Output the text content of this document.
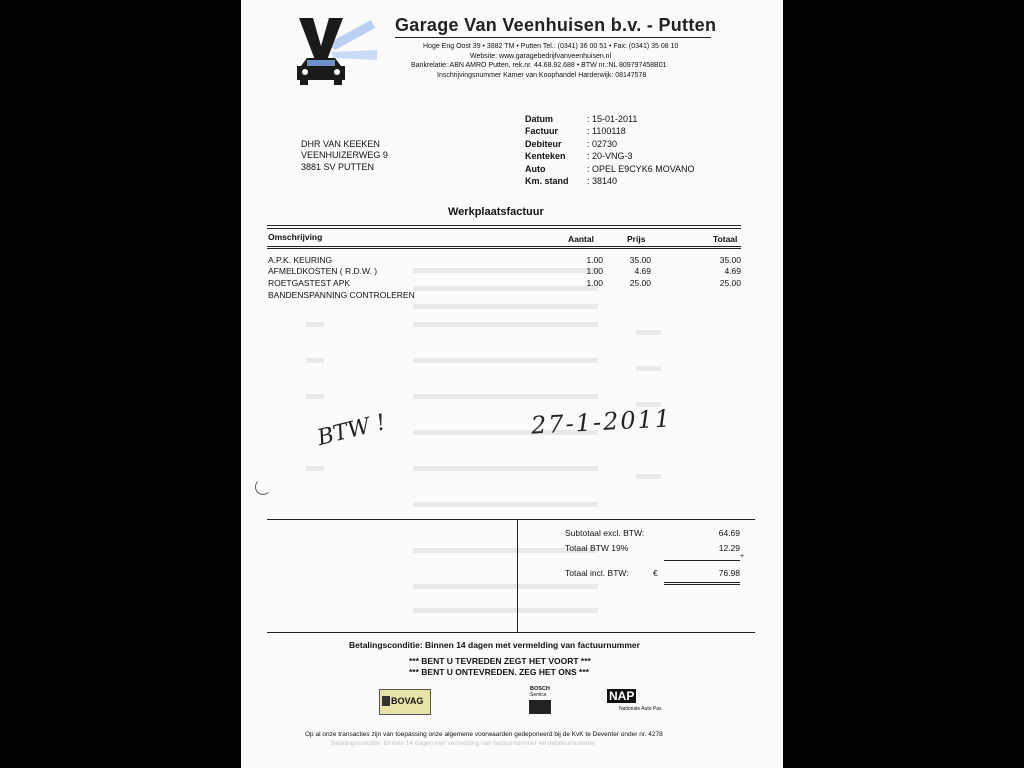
Garage Van Veenhuisen b.v. - Putten
Hoge Eng Oost 39 • 3882 TM • Putten Tel.: (0341) 36 00 51 • Fax: (0341) 35 08 10
Website: www.garagebedrijfvanveenhuisen.nl
Bankrelatie: ABN AMRO Putten, rek.nr. 44.68.92.688 • BTW nr.:NL 809797458B01
Inschrijvingsnummer Kamer van Koophandel Harderwijk: 08147578
DHR VAN KEEKEN
VEENHUIZERWEG 9
3881 SV PUTTEN
Datum	: 15-01-2011
Factuur	: 1100118
Debiteur	: 02730
Kenteken : 20-VNG-3
Auto	: OPEL E9CYK6 MOVANO
Km. stand : 38140
Werkplaatsfactuur
Omschrijving	Aantal	Prijs	Totaal
A.P.K. KEURING	1.00	35.00	35.00
AFMELDKOSTEN ( R.D.W. )	1.00	4.69	4.69
ROETGASTEST APK	1.00	25.00	25.00
BANDENSPANNING CONTROLEREN
BTW !	27-1-2011
Subtotaal excl. BTW:	64.69
Totaal BTW 19%	12.29
+
Totaal incl. BTW:	€	76.98
Betalingsconditie: Binnen 14 dagen met vermelding van factuurnummer
*** BENT U TEVREDEN ZEGT HET VOORT ***
*** BENT U ONTEVREDEN. ZEG HET ONS ***
BOVAG
BOSCH
Service	NAP
Nationale Auto Pas
Op al onze transacties zijn van toepassing onze algemene voorwaarden gedeponeerd bij de KvK te Deventer onder nr. 4278
Betalingsconditie: Binnen 14 dagen met vermelding van factuurnummer en debiteurnummer
